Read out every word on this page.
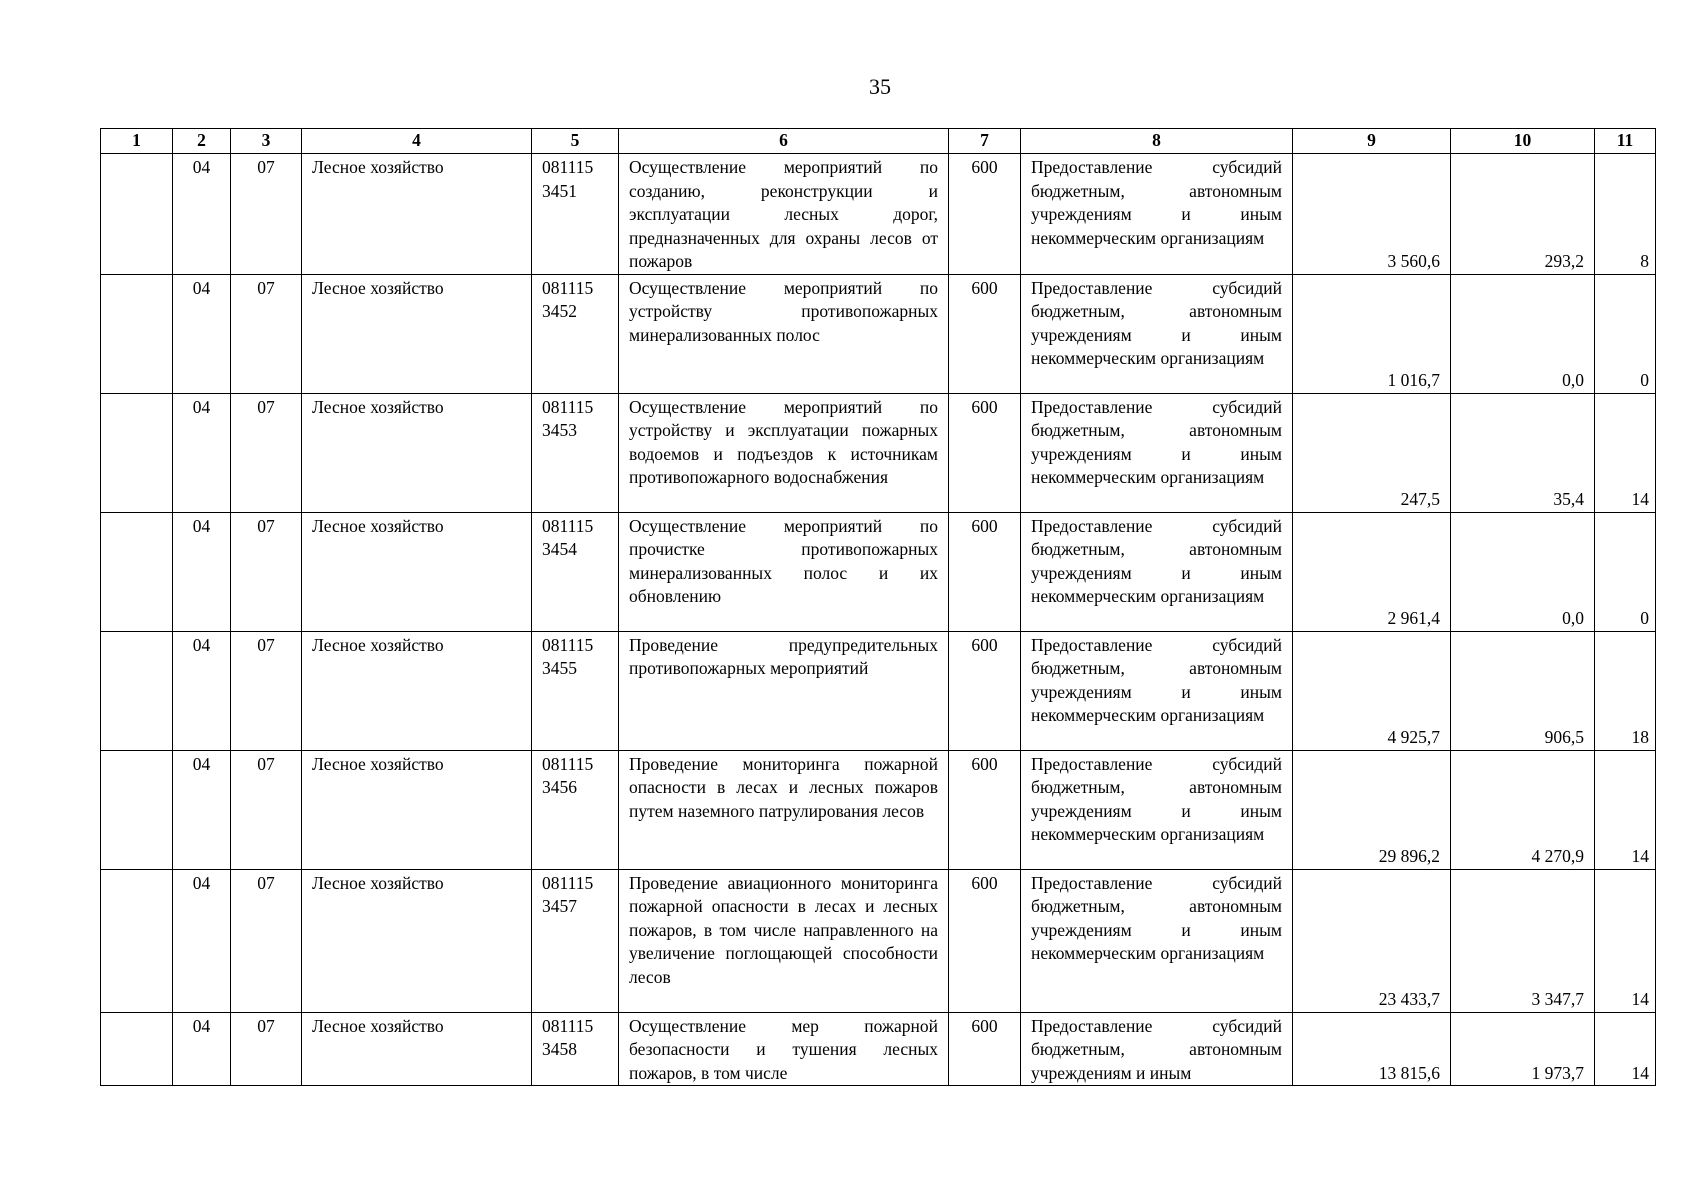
35
1	2	3	4	5	6	7	8	9	10	11
	04	07	Лесное хозяйство	081115 3451	Осуществление мероприятий по созданию, реконструкции и эксплуатации лесных дорог, предназначенных для охраны лесов от пожаров	600	Предоставление субсидий бюджетным, автономным учреждениям и иным некоммерческим организациям	3 560,6	293,2	8
	04	07	Лесное хозяйство	081115 3452	Осуществление мероприятий по устройству противопожарных минерализованных полос	600	Предоставление субсидий бюджетным, автономным учреждениям и иным некоммерческим организациям	1 016,7	0,0	0
	04	07	Лесное хозяйство	081115 3453	Осуществление мероприятий по устройству и эксплуатации пожарных водоемов и подъездов к источникам противопожарного водоснабжения	600	Предоставление субсидий бюджетным, автономным учреждениям и иным некоммерческим организациям	247,5	35,4	14
	04	07	Лесное хозяйство	081115 3454	Осуществление мероприятий по прочистке противопожарных минерализованных полос и их обновлению	600	Предоставление субсидий бюджетным, автономным учреждениям и иным некоммерческим организациям	2 961,4	0,0	0
	04	07	Лесное хозяйство	081115 3455	Проведение предупредительных противопожарных мероприятий	600	Предоставление субсидий бюджетным, автономным учреждениям и иным некоммерческим организациям	4 925,7	906,5	18
	04	07	Лесное хозяйство	081115 3456	Проведение мониторинга пожарной опасности в лесах и лесных пожаров путем наземного патрулирования лесов	600	Предоставление субсидий бюджетным, автономным учреждениям и иным некоммерческим организациям	29 896,2	4 270,9	14
	04	07	Лесное хозяйство	081115 3457	Проведение авиационного мониторинга пожарной опасности в лесах и лесных пожаров, в том числе направленного на увеличение поглощающей способности лесов	600	Предоставление субсидий бюджетным, автономным учреждениям и иным некоммерческим организациям	23 433,7	3 347,7	14
	04	07	Лесное хозяйство	081115 3458	Осуществление мер пожарной безопасности и тушения лесных пожаров, в том числе	600	Предоставление субсидий бюджетным, автономным учреждениям и иным	13 815,6	1 973,7	14
